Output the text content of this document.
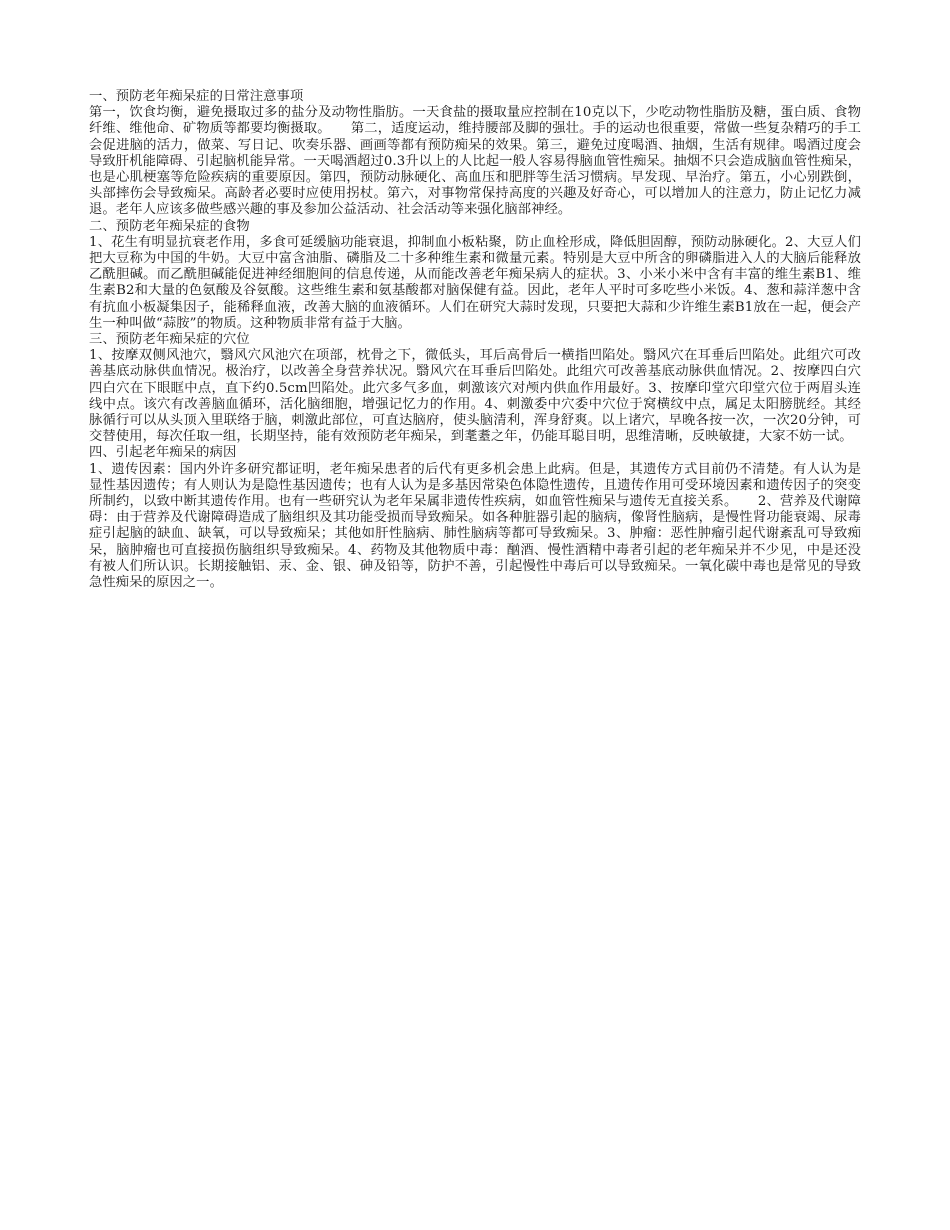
一、预防老年痴呆症的日常注意事项
第一，饮食均衡，避免摄取过多的盐分及动物性脂肪。一天食盐的摄取量应控制在10克以下，少吃动物性脂肪及糖，蛋白质、食物纤维、维他命、矿物质等都要均衡摄取。　　第二，适度运动，维持腰部及脚的强壮。手的运动也很重要，常做一些复杂精巧的手工会促进脑的活力，做菜、写日记、吹奏乐器、画画等都有预防痴呆的效果。第三，避免过度喝酒、抽烟，生活有规律。喝酒过度会导致肝机能障碍、引起脑机能异常。一天喝酒超过0.3升以上的人比起一般人容易得脑血管性痴呆。抽烟不只会造成脑血管性痴呆，也是心肌梗塞等危险疾病的重要原因。第四，预防动脉硬化、高血压和肥胖等生活习惯病。早发现、早治疗。第五，小心别跌倒，头部摔伤会导致痴呆。高龄者必要时应使用拐杖。第六，对事物常保持高度的兴趣及好奇心，可以增加人的注意力，防止记忆力减退。老年人应该多做些感兴趣的事及参加公益活动、社会活动等来强化脑部神经。
二、预防老年痴呆症的食物
1、花生有明显抗衰老作用，多食可延缓脑功能衰退，抑制血小板粘聚，防止血栓形成，降低胆固醇，预防动脉硬化。2、大豆人们把大豆称为中国的牛奶。大豆中富含油脂、磷脂及二十多种维生素和微量元素。特别是大豆中所含的卵磷脂进入人的大脑后能释放乙酰胆碱。而乙酰胆碱能促进神经细胞间的信息传递，从而能改善老年痴呆病人的症状。3、小米小米中含有丰富的维生素B1、维生素B2和大量的色氨酸及谷氨酸。这些维生素和氨基酸都对脑保健有益。因此，老年人平时可多吃些小米饭。4、葱和蒜洋葱中含有抗血小板凝集因子，能稀释血液，改善大脑的血液循环。人们在研究大蒜时发现，只要把大蒜和少许维生素B1放在一起，便会产生一种叫做“蒜胺”的物质。这种物质非常有益于大脑。
三、预防老年痴呆症的穴位
1、按摩双侧风池穴，翳风穴风池穴在项部，枕骨之下，微低头，耳后高骨后一横指凹陷处。翳风穴在耳垂后凹陷处。此组穴可改善基底动脉供血情况。极治疗，以改善全身营养状况。翳风穴在耳垂后凹陷处。此组穴可改善基底动脉供血情况。2、按摩四白穴四白穴在下眼眶中点，直下约0.5cm凹陷处。此穴多气多血，刺激该穴对颅内供血作用最好。3、按摩印堂穴印堂穴位于两眉头连线中点。该穴有改善脑血循环，活化脑细胞，增强记忆力的作用。4、刺激委中穴委中穴位于窝横纹中点，属足太阳膀胱经。其经脉循行可以从头顶入里联络于脑，刺激此部位，可直达脑府，使头脑清利，浑身舒爽。以上诸穴，早晚各按一次，一次20分钟，可交替使用，每次任取一组，长期坚持，能有效预防老年痴呆，到耄耋之年，仍能耳聪目明，思维清晰，反映敏捷，大家不妨一试。
四、引起老年痴呆的病因
1、遗传因素：国内外许多研究都证明，老年痴呆患者的后代有更多机会患上此病。但是，其遗传方式目前仍不清楚。有人认为是显性基因遗传；有人则认为是隐性基因遗传；也有人认为是多基因常染色体隐性遗传，且遗传作用可受环境因素和遗传因子的突变所制约，以致中断其遗传作用。也有一些研究认为老年呆属非遗传性疾病，如血管性痴呆与遗传无直接关系。　　2、营养及代谢障碍：由于营养及代谢障碍造成了脑组织及其功能受损而导致痴呆。如各种脏器引起的脑病，像肾性脑病，是慢性肾功能衰竭、尿毒症引起脑的缺血、缺氧，可以导致痴呆；其他如肝性脑病、肺性脑病等都可导致痴呆。3、肿瘤：恶性肿瘤引起代谢紊乱可导致痴呆，脑肿瘤也可直接损伤脑组织导致痴呆。4、药物及其他物质中毒：酗酒、慢性酒精中毒者引起的老年痴呆并不少见，中是还没有被人们所认识。长期接触铝、汞、金、银、砷及铅等，防护不善，引起慢性中毒后可以导致痴呆。一氧化碳中毒也是常见的导致急性痴呆的原因之一。
